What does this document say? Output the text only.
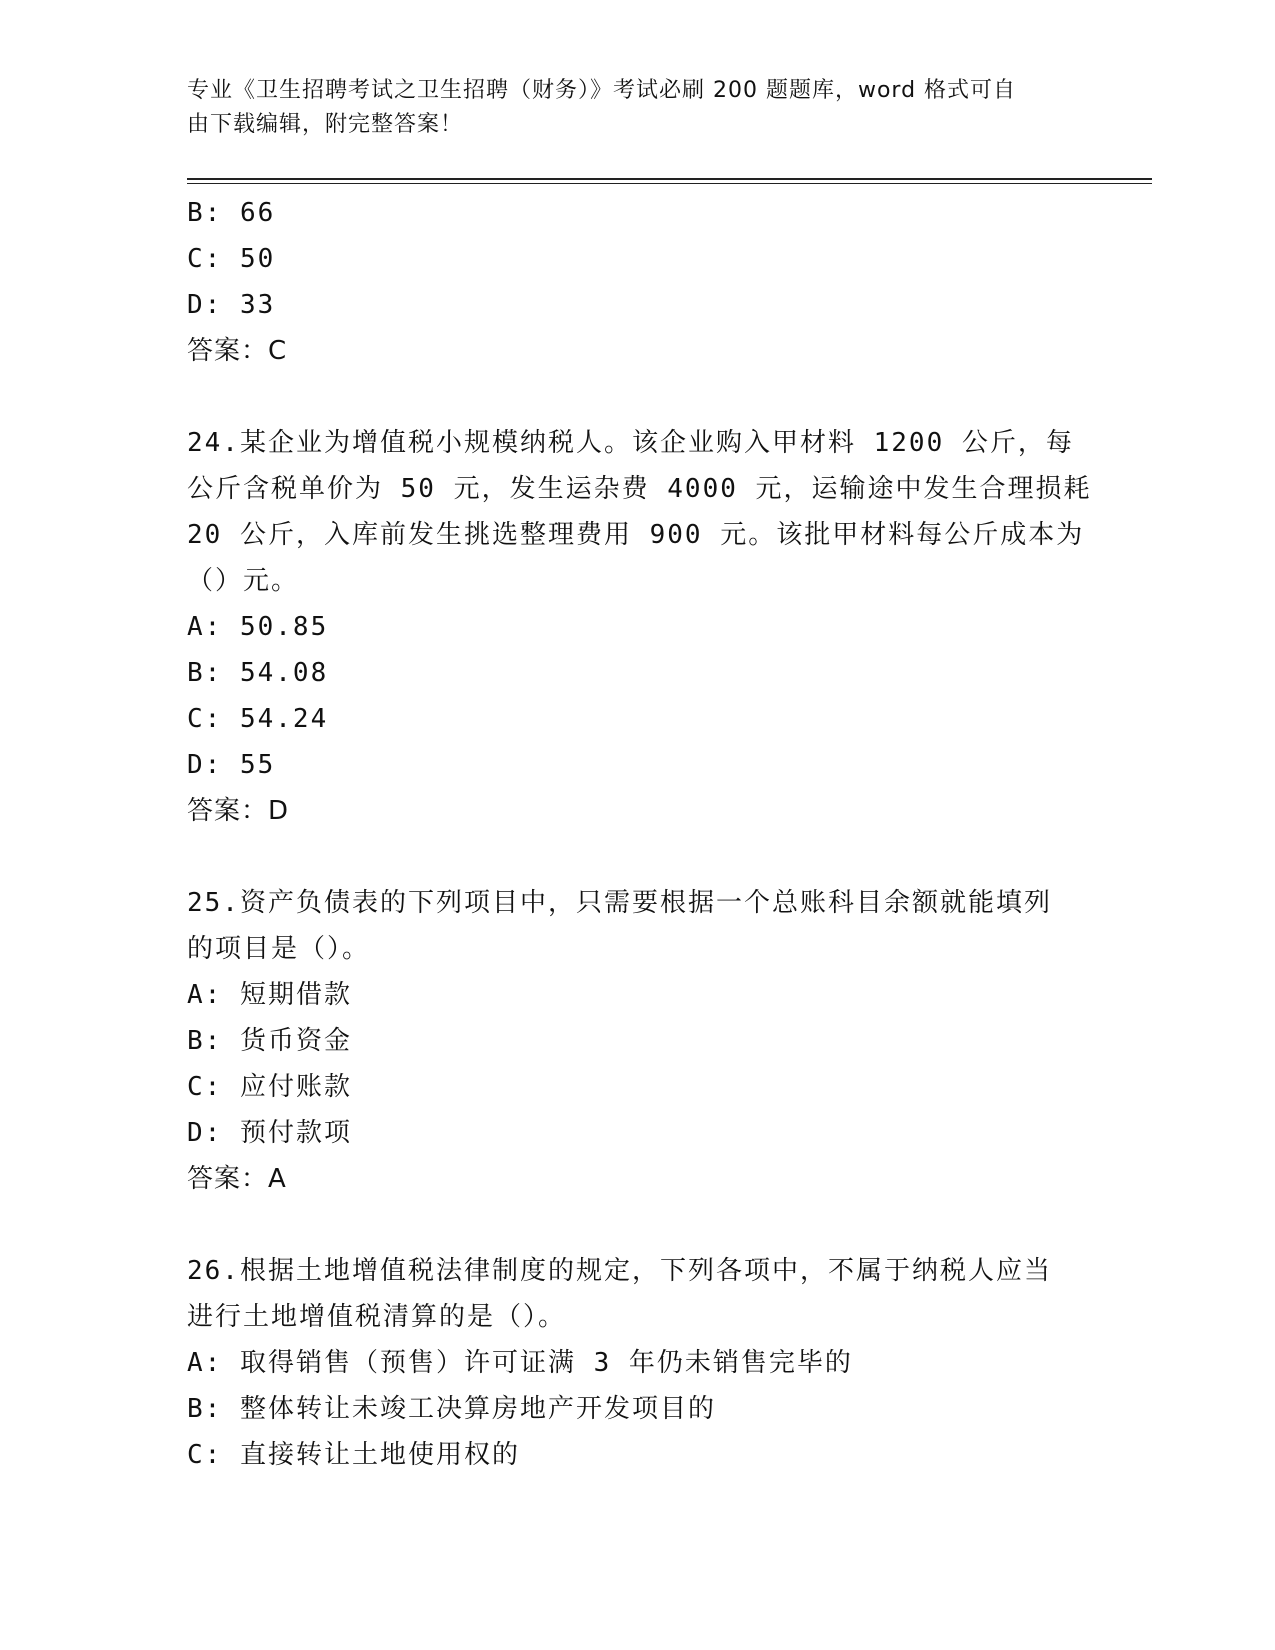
专业《卫生招聘考试之卫生招聘（财务）》考试必刷 200 题题库，word 格式可自
由下载编辑，附完整答案！
B: 66
C: 50
D: 33
答案：C
24.某企业为增值税小规模纳税人。该企业购入甲材料 1200 公斤，每
公斤含税单价为 50 元，发生运杂费 4000 元，运输途中发生合理损耗
20 公斤，入库前发生挑选整理费用 900 元。该批甲材料每公斤成本为
（）元。
A: 50.85
B: 54.08
C: 54.24
D: 55
答案：D
25.资产负债表的下列项目中，只需要根据一个总账科目余额就能填列
的项目是（）。
A: 短期借款
B: 货币资金
C: 应付账款
D: 预付款项
答案：A
26.根据土地增值税法律制度的规定，下列各项中，不属于纳税人应当
进行土地增值税清算的是（）。
A: 取得销售（预售）许可证满 3 年仍未销售完毕的
B: 整体转让未竣工决算房地产开发项目的
C: 直接转让土地使用权的
